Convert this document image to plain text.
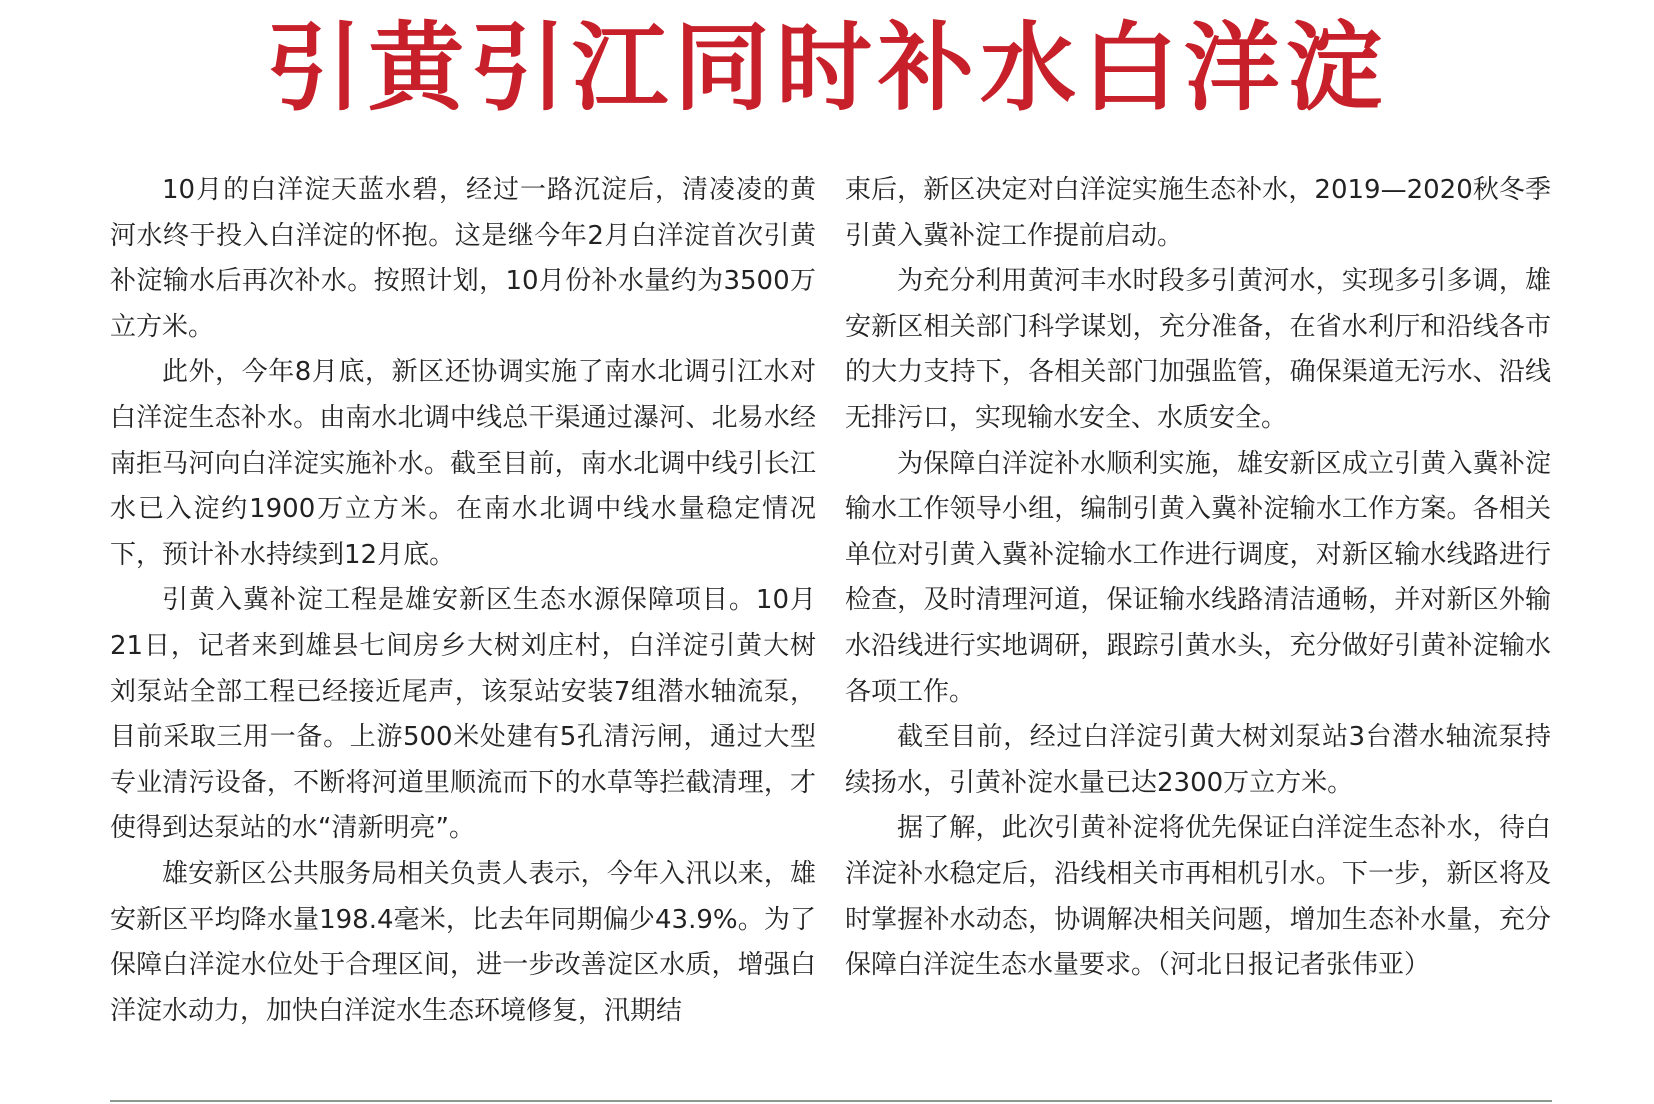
引黄引江同时补水白洋淀

10月的白洋淀天蓝水碧，经过一路沉淀后，清凌凌的黄河水终于投入白洋淀的怀抱。这是继今年2月白洋淀首次引黄补淀输水后再次补水。按照计划，10月份补水量约为3500万立方米。

此外，今年8月底，新区还协调实施了南水北调引江水对白洋淀生态补水。由南水北调中线总干渠通过瀑河、北易水经南拒马河向白洋淀实施补水。截至目前，南水北调中线引长江水已入淀约1900万立方米。在南水北调中线水量稳定情况下，预计补水持续到12月底。

引黄入冀补淀工程是雄安新区生态水源保障项目。10月21日，记者来到雄县七间房乡大树刘庄村，白洋淀引黄大树刘泵站全部工程已经接近尾声，该泵站安装7组潜水轴流泵，目前采取三用一备。上游500米处建有5孔清污闸，通过大型专业清污设备，不断将河道里顺流而下的水草等拦截清理，才使得到达泵站的水“清新明亮”。

雄安新区公共服务局相关负责人表示，今年入汛以来，雄安新区平均降水量198.4毫米，比去年同期偏少43.9%。为了保障白洋淀水位处于合理区间，进一步改善淀区水质，增强白洋淀水动力，加快白洋淀水生态环境修复，汛期结

束后，新区决定对白洋淀实施生态补水，2019—2020秋冬季引黄入冀补淀工作提前启动。

为充分利用黄河丰水时段多引黄河水，实现多引多调，雄安新区相关部门科学谋划，充分准备，在省水利厅和沿线各市的大力支持下，各相关部门加强监管，确保渠道无污水、沿线无排污口，实现输水安全、水质安全。

为保障白洋淀补水顺利实施，雄安新区成立引黄入冀补淀输水工作领导小组，编制引黄入冀补淀输水工作方案。各相关单位对引黄入冀补淀输水工作进行调度，对新区输水线路进行检查，及时清理河道，保证输水线路清洁通畅，并对新区外输水沿线进行实地调研，跟踪引黄水头，充分做好引黄补淀输水各项工作。

截至目前，经过白洋淀引黄大树刘泵站3台潜水轴流泵持续扬水，引黄补淀水量已达2300万立方米。

据了解，此次引黄补淀将优先保证白洋淀生态补水，待白洋淀补水稳定后，沿线相关市再相机引水。下一步，新区将及时掌握补水动态，协调解决相关问题，增加生态补水量，充分保障白洋淀生态水量要求。（河北日报记者张伟亚）
